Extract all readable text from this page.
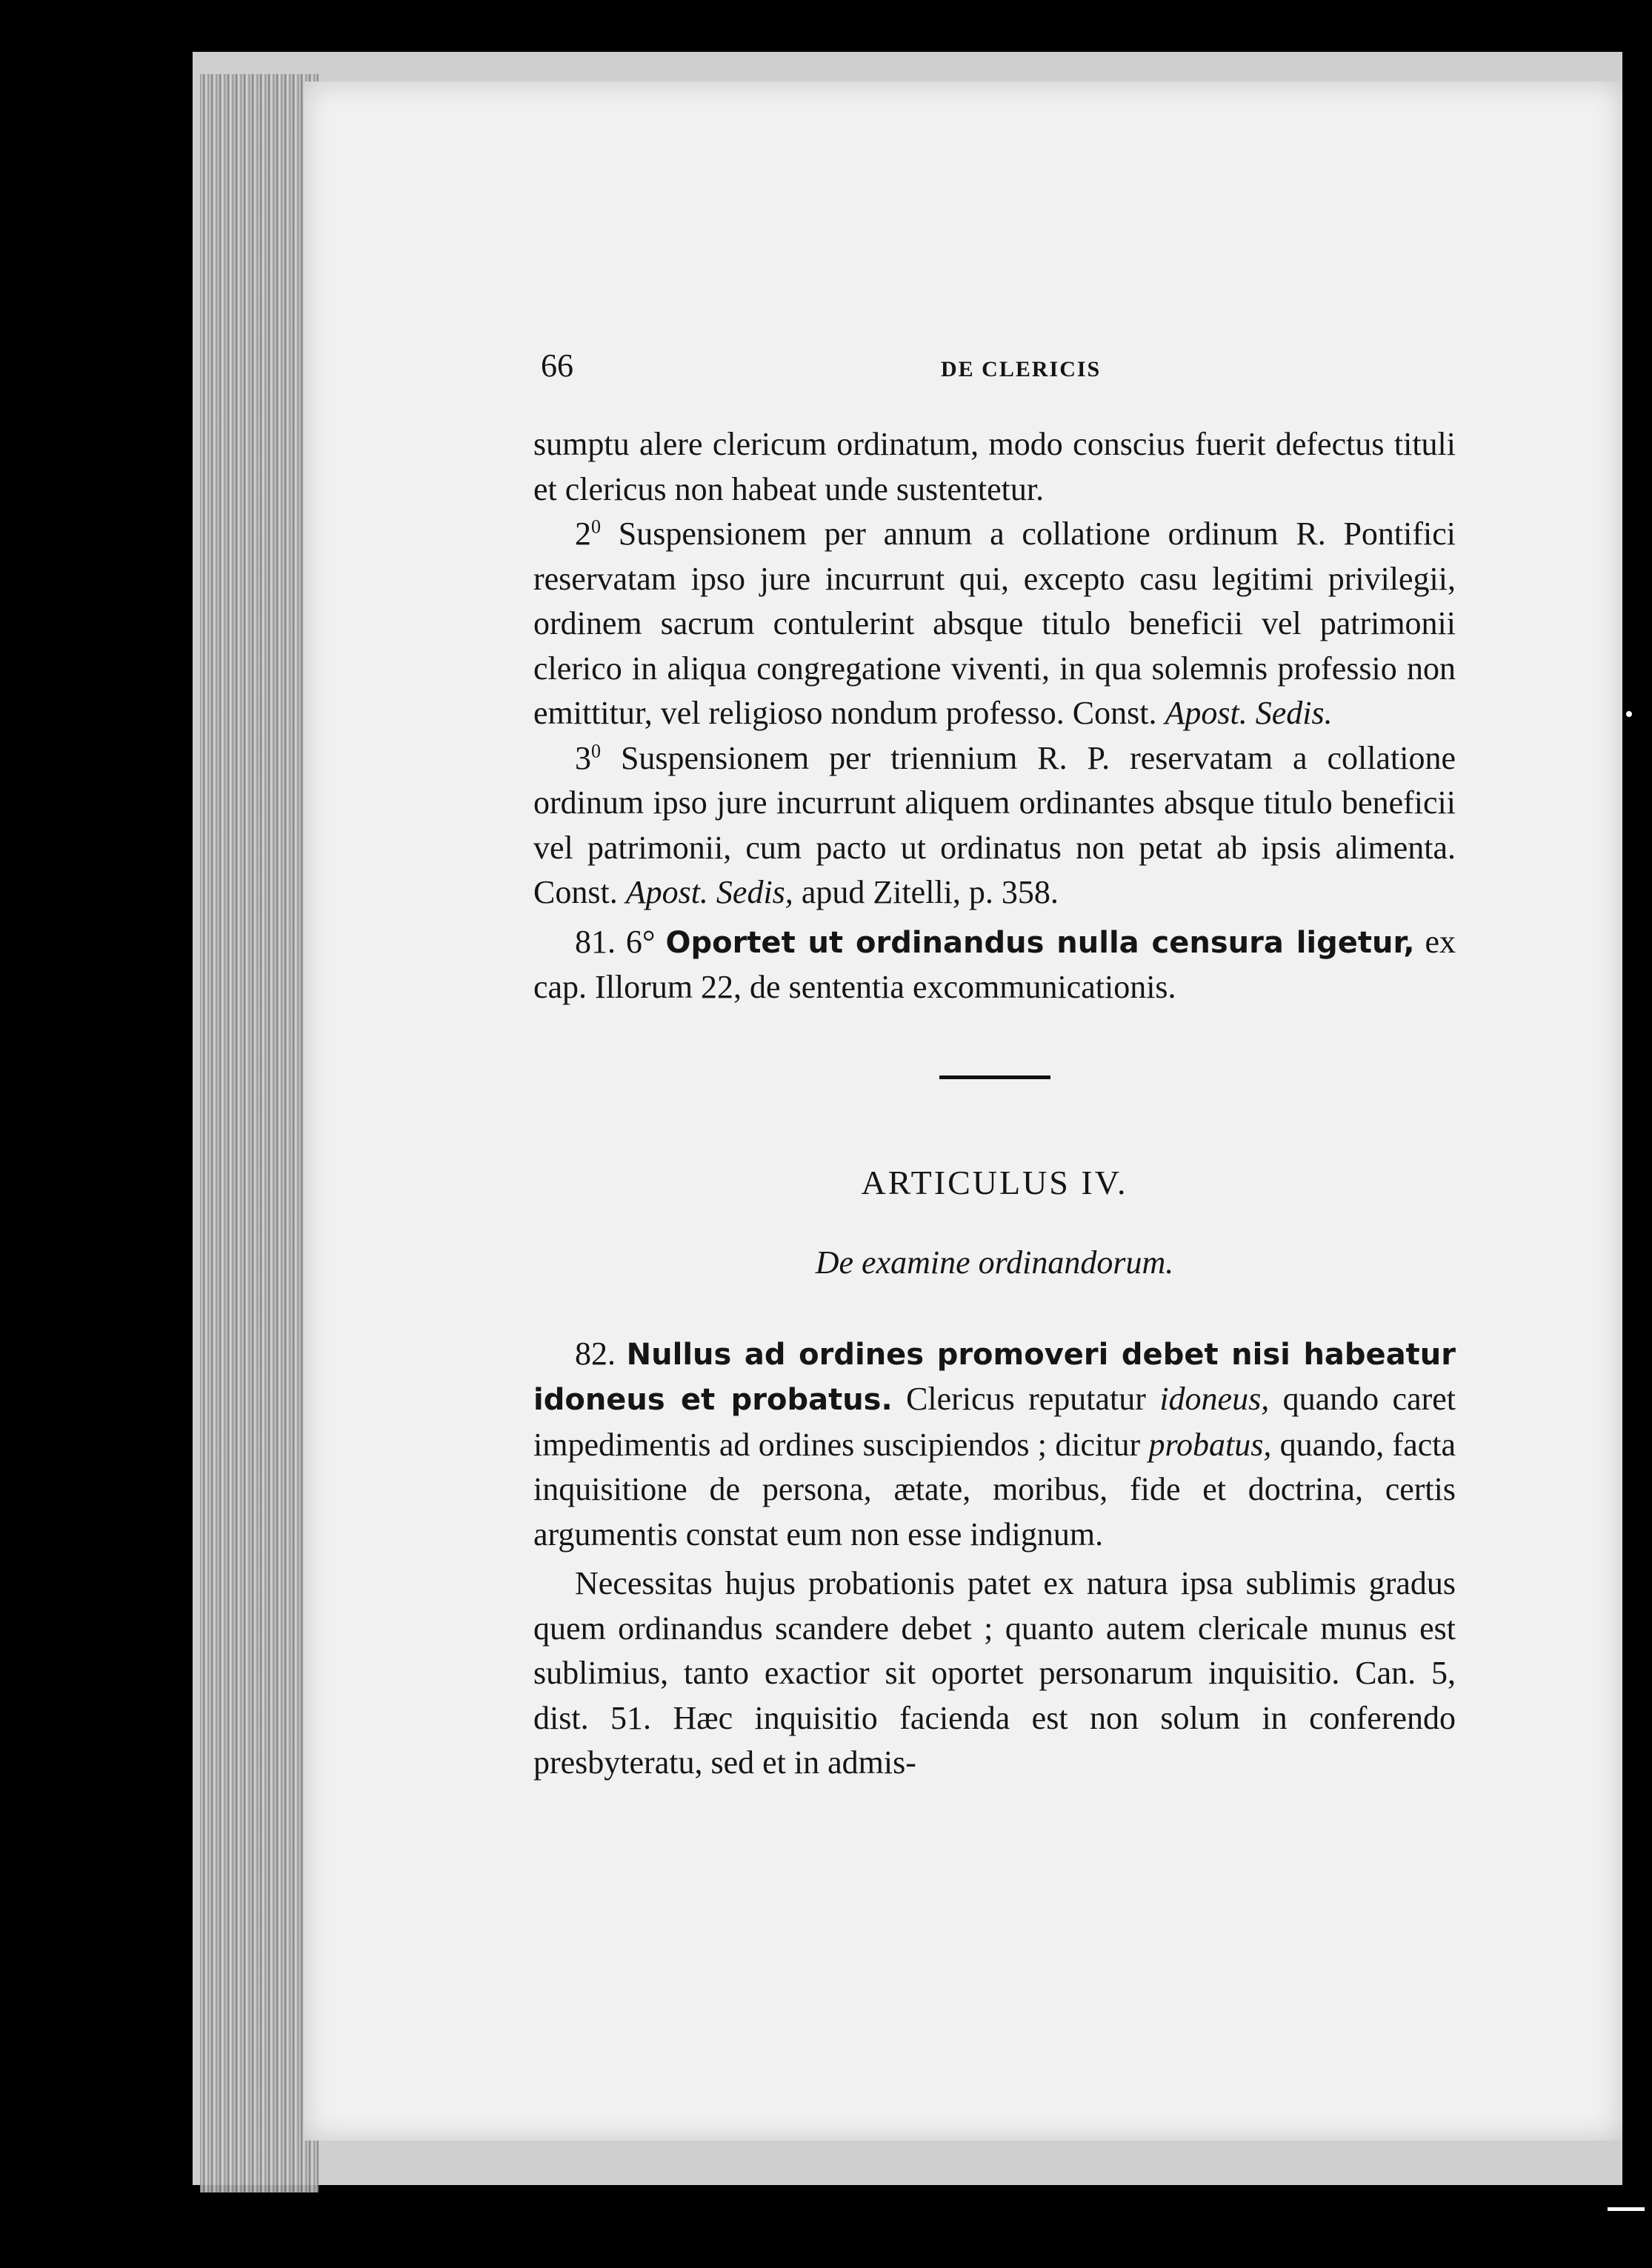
66	DE CLERICIS

sumptu alere clericum ordinatum, modo conscius fuerit defectus tituli et clericus non habeat unde sustentetur.

$2^0$ Suspensionem per annum a collatione ordinum R. Pontifici reservatam ipso jure incurrunt qui, excepto casu legitimi privilegii, ordinem sacrum contulerint absque titulo beneficii vel patrimonii clerico in aliqua congregatione viventi, in qua solemnis professio non emittitur, vel religioso nondum professo. Const. Apost. Sedis.

$3^0$ Suspensionem per triennium R. P. reservatam a collatione ordinum ipso jure incurrunt aliquem ordinantes absque titulo beneficii vel patrimonii, cum pacto ut ordinatus non petat ab ipsis alimenta. Const. Apost. Sedis, apud Zitelli, p. 358.

81. 6° Oportet ut ordinandus nulla censura ligetur, ex cap. Illorum 22, de sententia excommunicationis.

ARTICULUS IV.
De examine ordinandorum.

82. Nullus ad ordines promoveri debet nisi habeatur idoneus et probatus. Clericus reputatur idoneus, quando caret impedimentis ad ordines suscipiendos ; dicitur probatus, quando, facta inquisitione de persona, ætate, moribus, fide et doctrina, certis argumentis constat eum non esse indignum.

Necessitas hujus probationis patet ex natura ipsa sublimis gradus quem ordinandus scandere debet ; quanto autem clericale munus est sublimius, tanto exactior sit oportet personarum inquisitio. Can. 5, dist. 51. Hæc inquisitio facienda est non solum in conferendo presbyteratu, sed et in admis-
